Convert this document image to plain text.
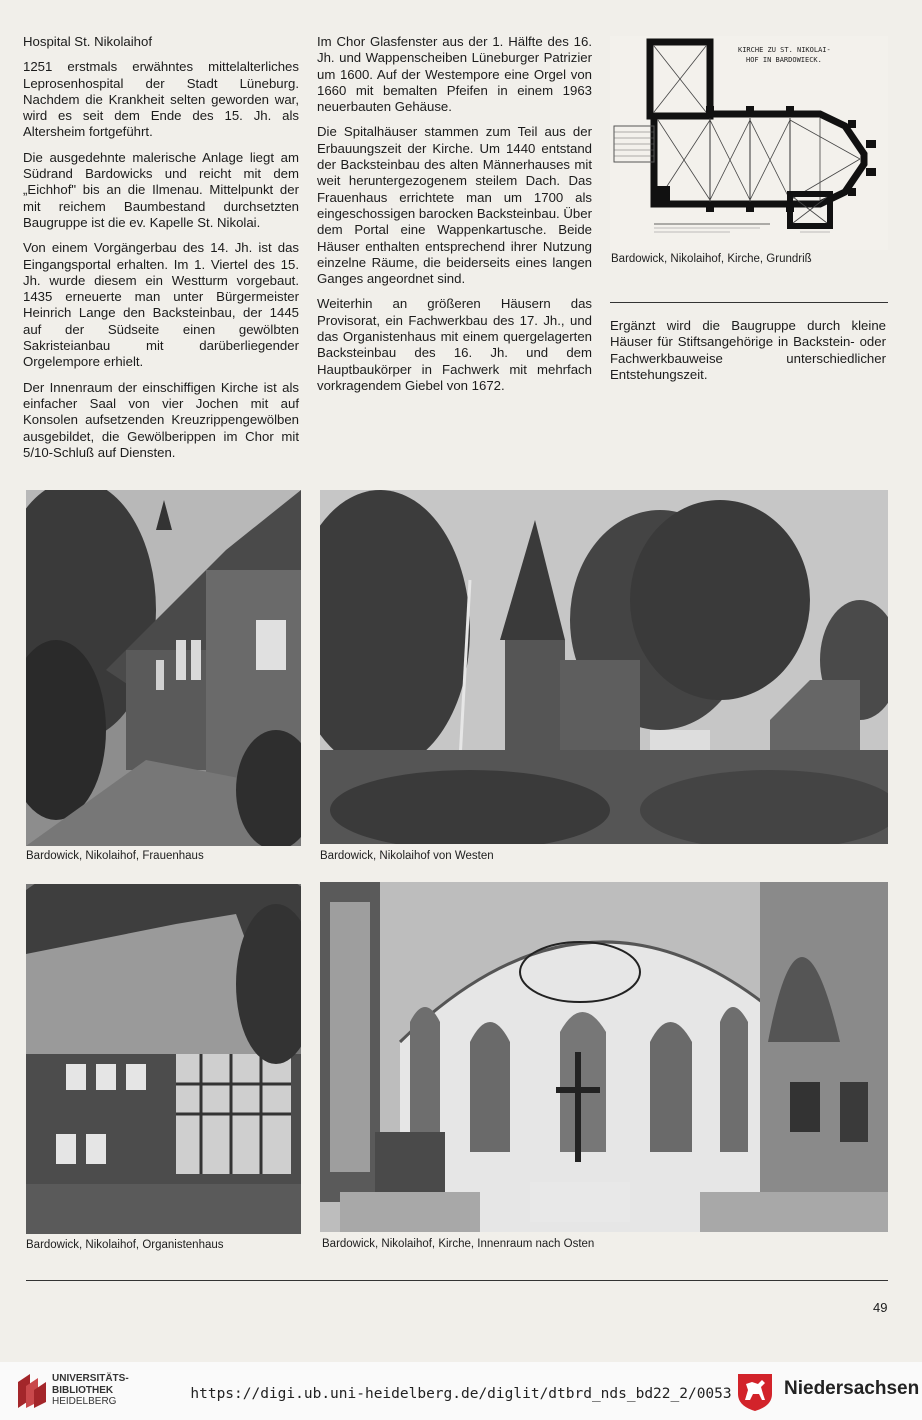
Hospital St. Nikolaihof

1251 erstmals erwähntes mittelalterliches Leprosenhospital der Stadt Lüneburg. Nachdem die Krankheit selten geworden war, wird es seit dem Ende des 15. Jh. als Altersheim fortgeführt.

Die ausgedehnte malerische Anlage liegt am Südrand Bardowicks und reicht mit dem „Eichhof" bis an die Ilmenau. Mittelpunkt der mit reichem Baumbestand durchsetzten Baugruppe ist die ev. Kapelle St. Nikolai.

Von einem Vorgängerbau des 14. Jh. ist das Eingangsportal erhalten. Im 1. Viertel des 15. Jh. wurde diesem ein Westturm vorgebaut. 1435 erneuerte man unter Bürgermeister Heinrich Lange den Backsteinbau, der 1445 auf der Südseite einen gewölbten Sakristeianbau mit darüberliegender Orgelempore erhielt.

Der Innenraum der einschiffigen Kirche ist als einfacher Saal von vier Jochen mit auf Konsolen aufsetzenden Kreuzrippengewölben ausgebildet, die Gewölberippen im Chor mit 5/10-Schluß auf Diensten.

Im Chor Glasfenster aus der 1. Hälfte des 16. Jh. und Wappenscheiben Lüneburger Patrizier um 1600. Auf der Westempore eine Orgel von 1660 mit bemalten Pfeifen in einem 1963 neuerbauten Gehäuse.

Die Spitalhäuser stammen zum Teil aus der Erbauungszeit der Kirche. Um 1440 entstand der Backsteinbau des alten Männerhauses mit weit heruntergezogenem steilem Dach. Das Frauenhaus errichtete man um 1700 als eingeschossigen barocken Backsteinbau. Über dem Portal eine Wappenkartusche. Beide Häuser enthalten entsprechend ihrer Nutzung einzelne Räume, die beiderseits eines langen Ganges angeordnet sind.

Weiterhin an größeren Häusern das Provisorat, ein Fachwerkbau des 17. Jh., und das Organistenhaus mit einem quergelagerten Backsteinbau des 16. Jh. und dem Hauptbaukörper in Fachwerk mit mehrfach vorkragendem Giebel von 1672.

KIRCHE ZU ST. NIKOLAI-
HOF IN BARDOWIECK.
Bardowick, Nikolaihof, Kirche, Grundriß

Ergänzt wird die Baugruppe durch kleine Häuser für Stiftsangehörige in Backstein- oder Fachwerkbauweise unterschiedlicher Entstehungszeit.

Bardowick, Nikolaihof, Frauenhaus	Bardowick, Nikolaihof von Westen
Bardowick, Nikolaihof, Organistenhaus	Bardowick, Nikolaihof, Kirche, Innenraum nach Osten
49
UNIVERSITÄTS-
BIBLIOTHEK
HEIDELBERG	https://digi.ub.uni-heidelberg.de/diglit/dtbrd_nds_bd22_2/0053	Niedersachsen
